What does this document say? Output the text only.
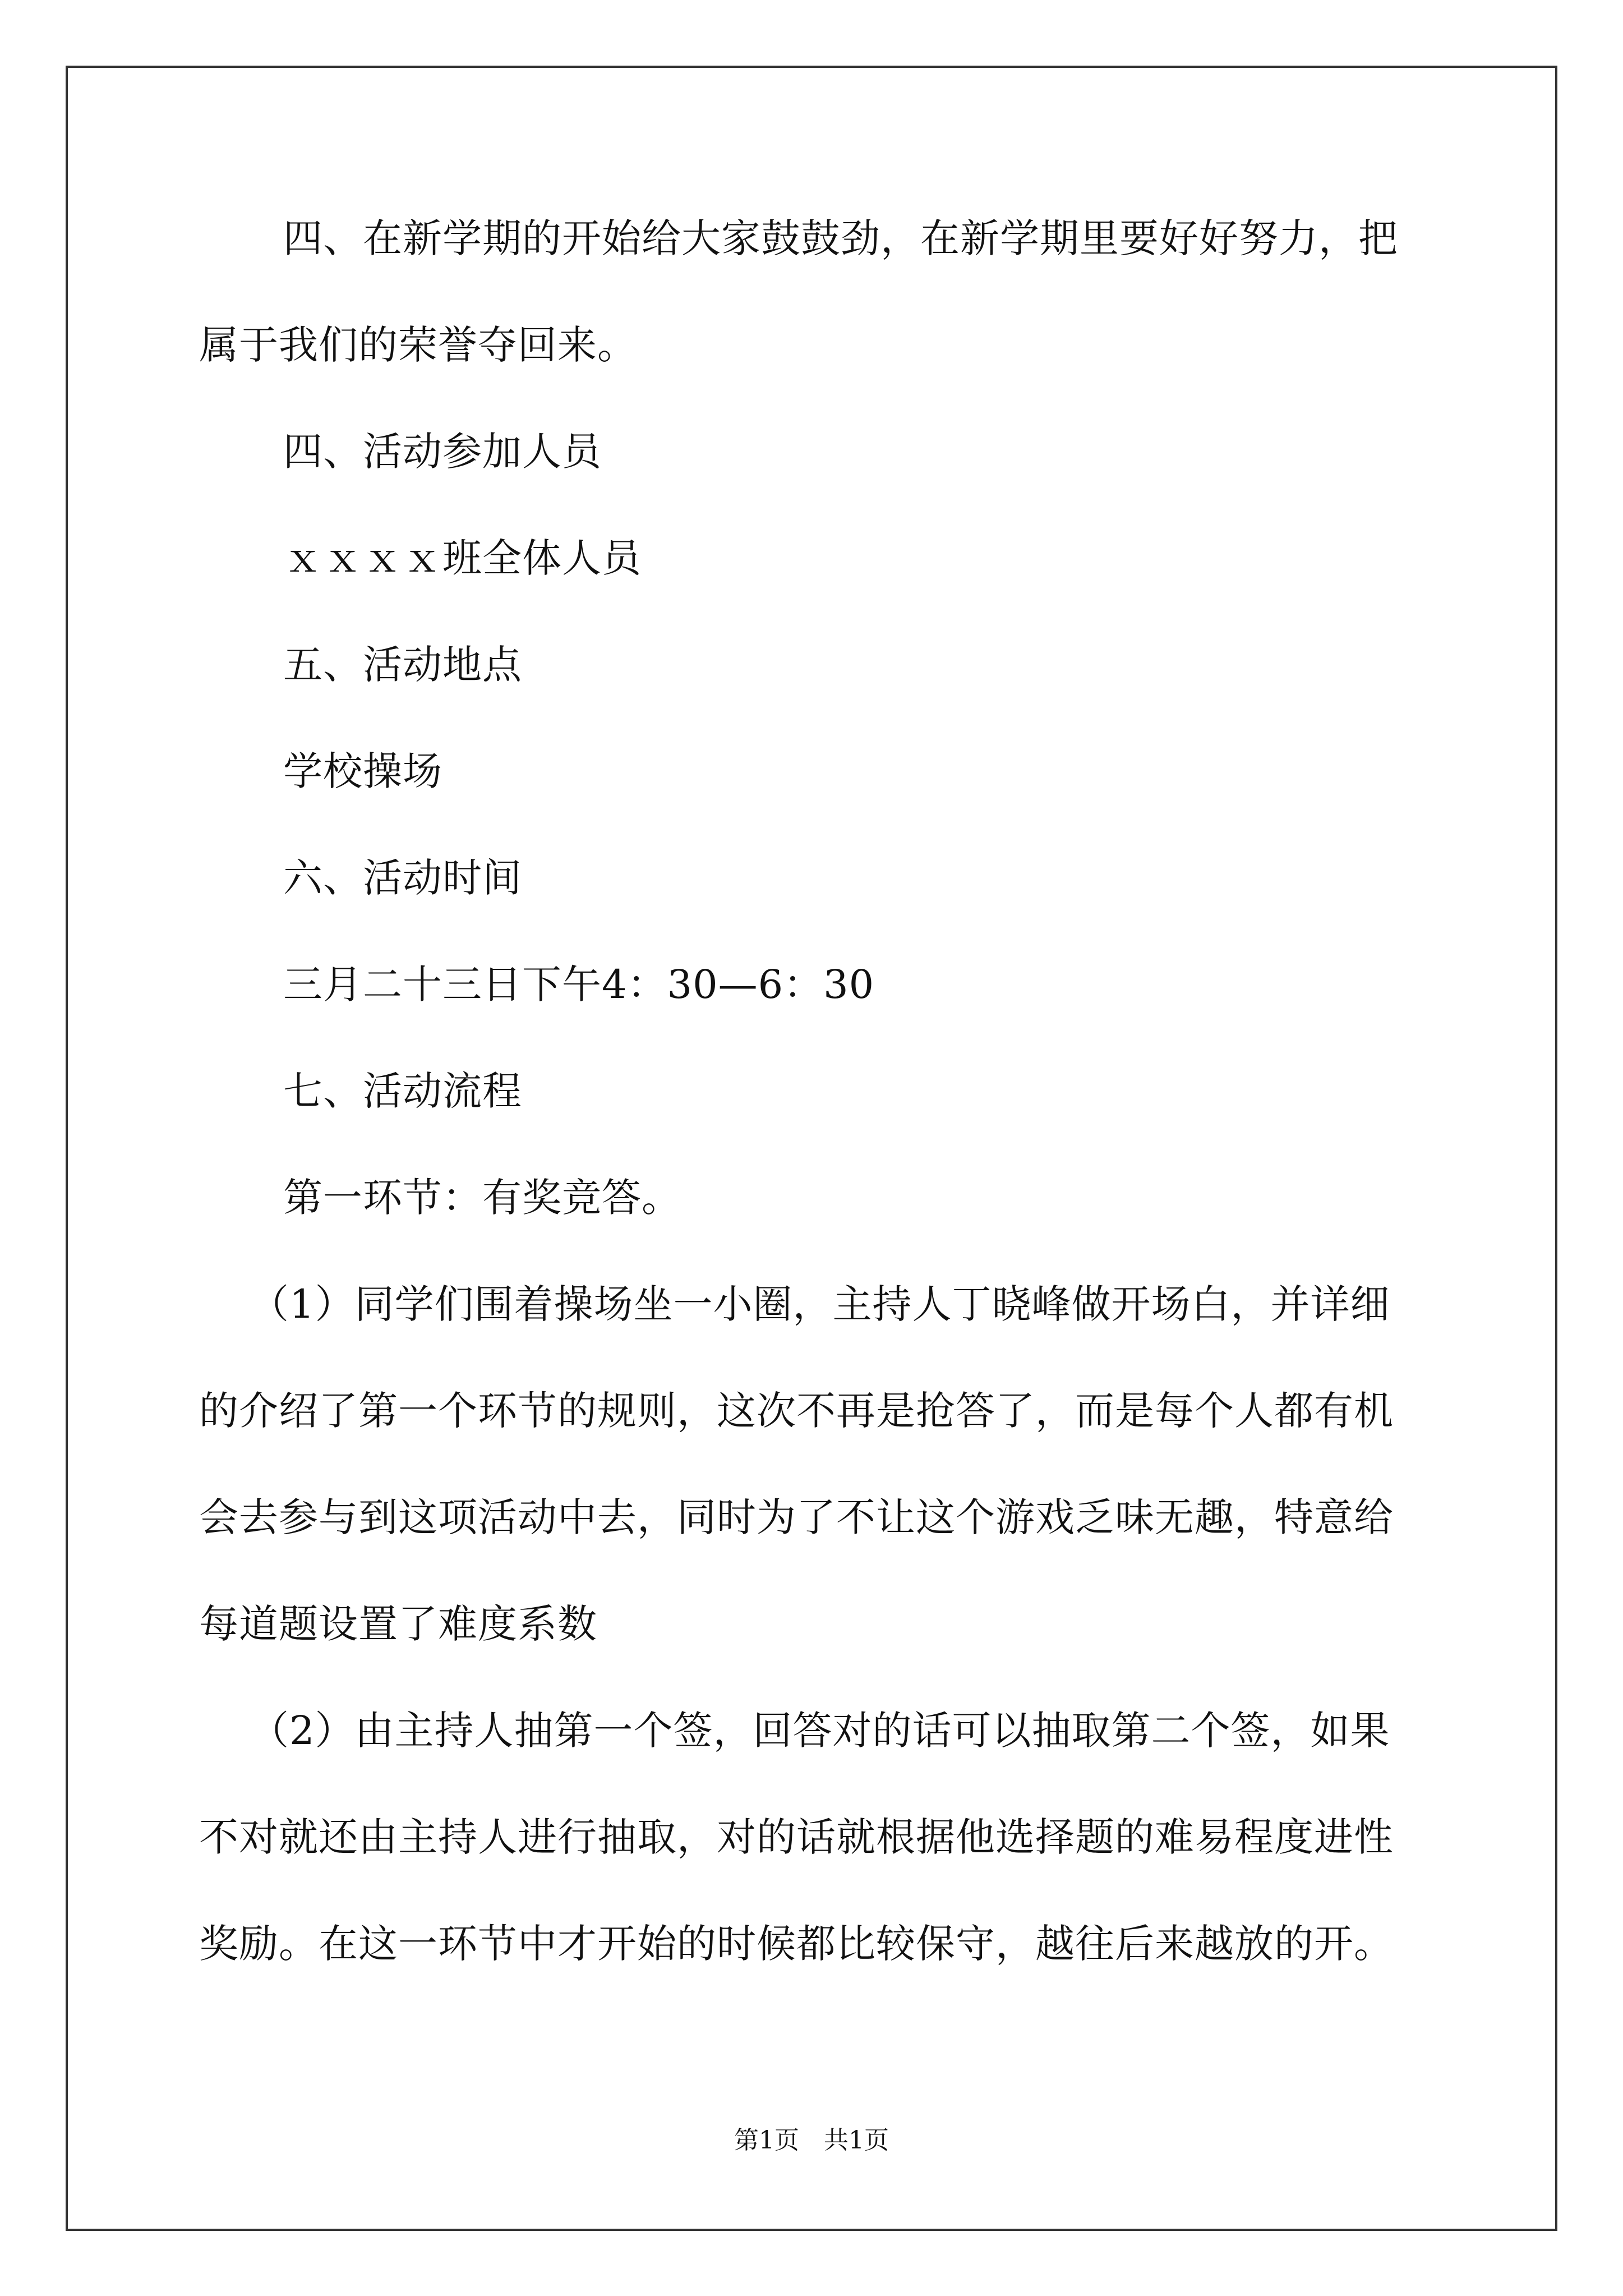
四、在新学期的开始给大家鼓鼓劲，在新学期里要好好努力，把
属于我们的荣誉夺回来。
四、活动参加人员
ｘｘｘｘ班全体人员
五、活动地点
学校操场
六、活动时间
三月二十三日下午4：30—6：30
七、活动流程
第一环节：有奖竞答。
（1）同学们围着操场坐一小圈，主持人丁晓峰做开场白，并详细
的介绍了第一个环节的规则，这次不再是抢答了，而是每个人都有机
会去参与到这项活动中去，同时为了不让这个游戏乏味无趣，特意给
每道题设置了难度系数
（2）由主持人抽第一个签，回答对的话可以抽取第二个签，如果
不对就还由主持人进行抽取，对的话就根据他选择题的难易程度进性
奖励。在这一环节中才开始的时候都比较保守，越往后来越放的开。
第1页　共1页
